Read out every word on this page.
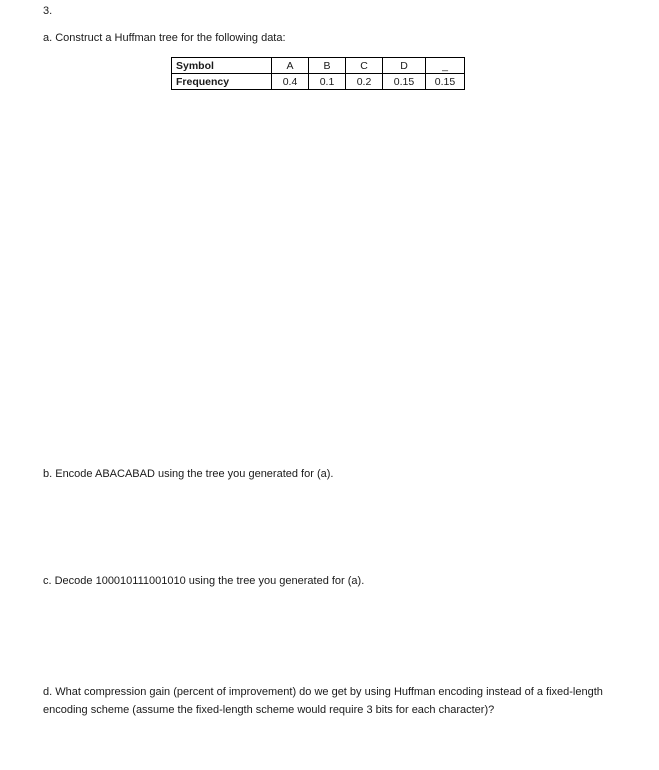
3.
a. Construct a Huffman tree for the following data:
Symbol	A	B	C	D	_
Frequency	0.4	0.1	0.2	0.15	0.15
b. Encode ABACABAD using the tree you generated for (a).
c. Decode 100010111001010 using the tree you generated for (a).
d. What compression gain (percent of improvement) do we get by using Huffman encoding instead of a fixed-length encoding scheme (assume the fixed-length scheme would require 3 bits for each character)?
